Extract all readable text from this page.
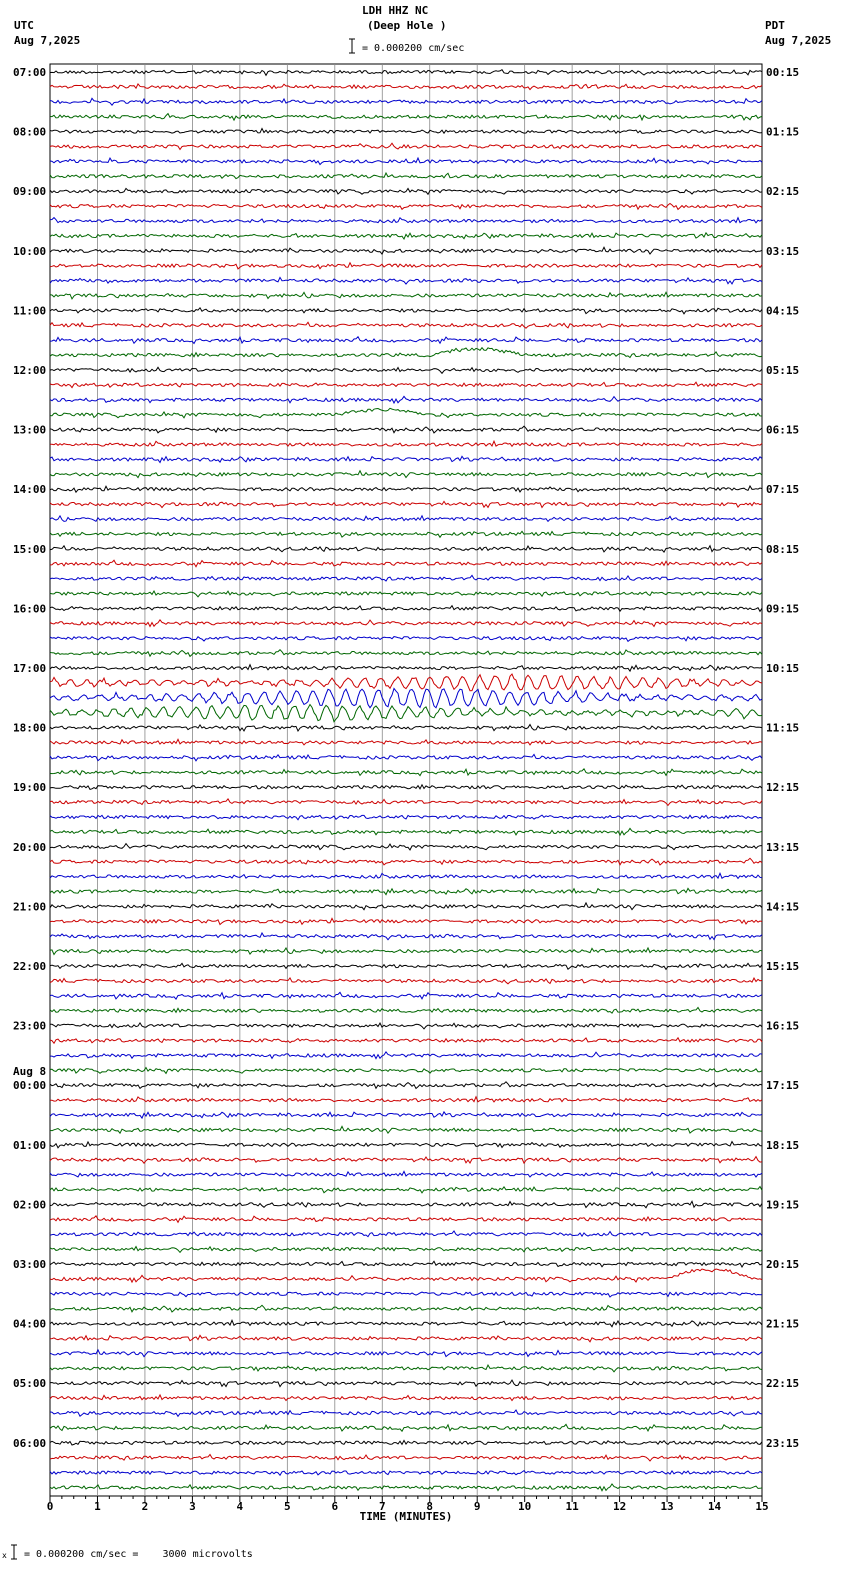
LDH HHZ NC
(Deep Hole )
UTC
Aug 7,2025
PDT
Aug 7,2025
= 0.000200 cm/sec
= 0.000200 cm/sec =    3000 microvolts
x
0	1	2	3	4	5	6	7	8	9	10	11	12	13	14	15
TIME (MINUTES)
07:00
08:00
09:00
10:00
11:00
12:00
13:00
14:00
15:00
16:00
17:00
18:00
19:00
20:00
21:00
22:00
23:00
00:00
Aug 8
01:00
02:00
03:00
04:00
05:00
06:00
00:15
01:15
02:15
03:15
04:15
05:15
06:15
07:15
08:15
09:15
10:15
11:15
12:15
13:15
14:15
15:15
16:15
17:15
18:15
19:15
20:15
21:15
22:15
23:15
